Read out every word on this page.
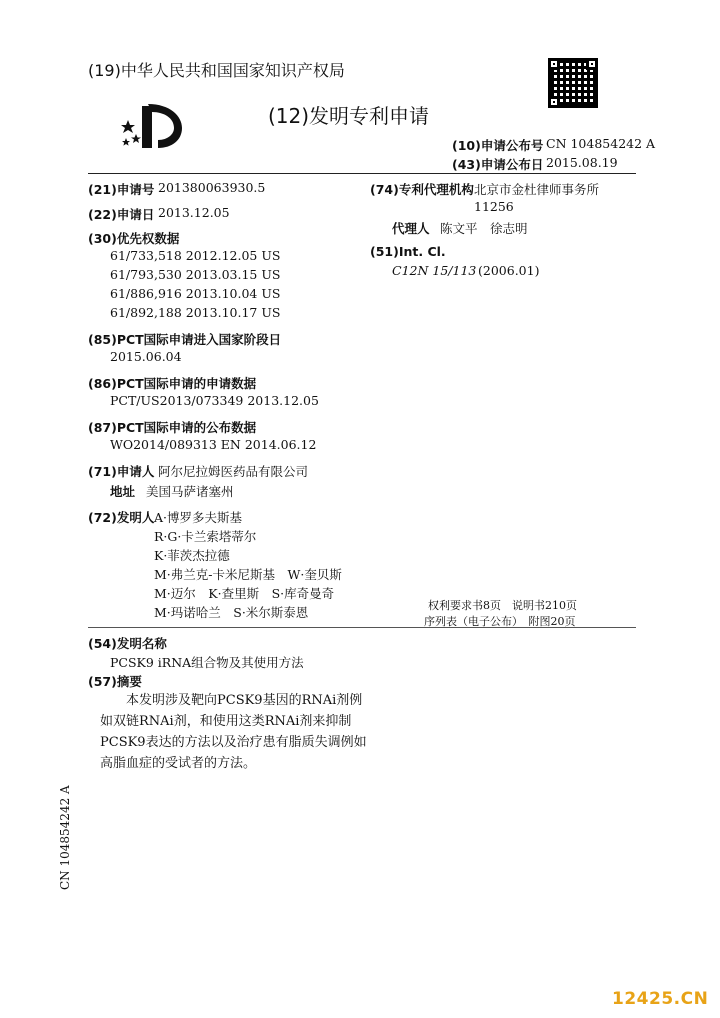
(19)中华人民共和国国家知识产权局
(12)发明专利申请
(10)申请公布号 CN 104854242 A
(43)申请公布日 2015.08.19
(21)申请号 201380063930.5
(22)申请日 2013.12.05
(30)优先权数据
61/733,518 2012.12.05 US
61/793,530 2013.03.15 US
61/886,916 2013.10.04 US
61/892,188 2013.10.17 US
(85)PCT国际申请进入国家阶段日
2015.06.04
(86)PCT国际申请的申请数据
PCT/US2013/073349 2013.12.05
(87)PCT国际申请的公布数据
WO2014/089313 EN 2014.06.12
(71)申请人 阿尔尼拉姆医药品有限公司
地址 美国马萨诸塞州
(72)发明人 A·博罗多夫斯基
R·G·卡兰索塔蒂尔
K·菲茨杰拉德
M·弗兰克-卡米尼斯基　W·奎贝斯
M·迈尔　K·查里斯　S·库奇曼奇
M·玛诺哈兰　S·米尔斯泰恩
(74)专利代理机构 北京市金杜律师事务所
11256
代理人 陈文平　徐志明
(51)Int. Cl.
C12N 15/113 (2006.01)
权利要求书8页　说明书210页
序列表（电子公布）　附图20页
(54)发明名称
PCSK9 iRNA组合物及其使用方法
(57)摘要
本发明涉及靶向PCSK9基因的RNAi剂例如双链RNAi剂，和使用这类RNAi剂来抑制PCSK9表达的方法以及治疗患有脂质失调例如高脂血症的受试者的方法。
CN 104854242 A
12425.CN
